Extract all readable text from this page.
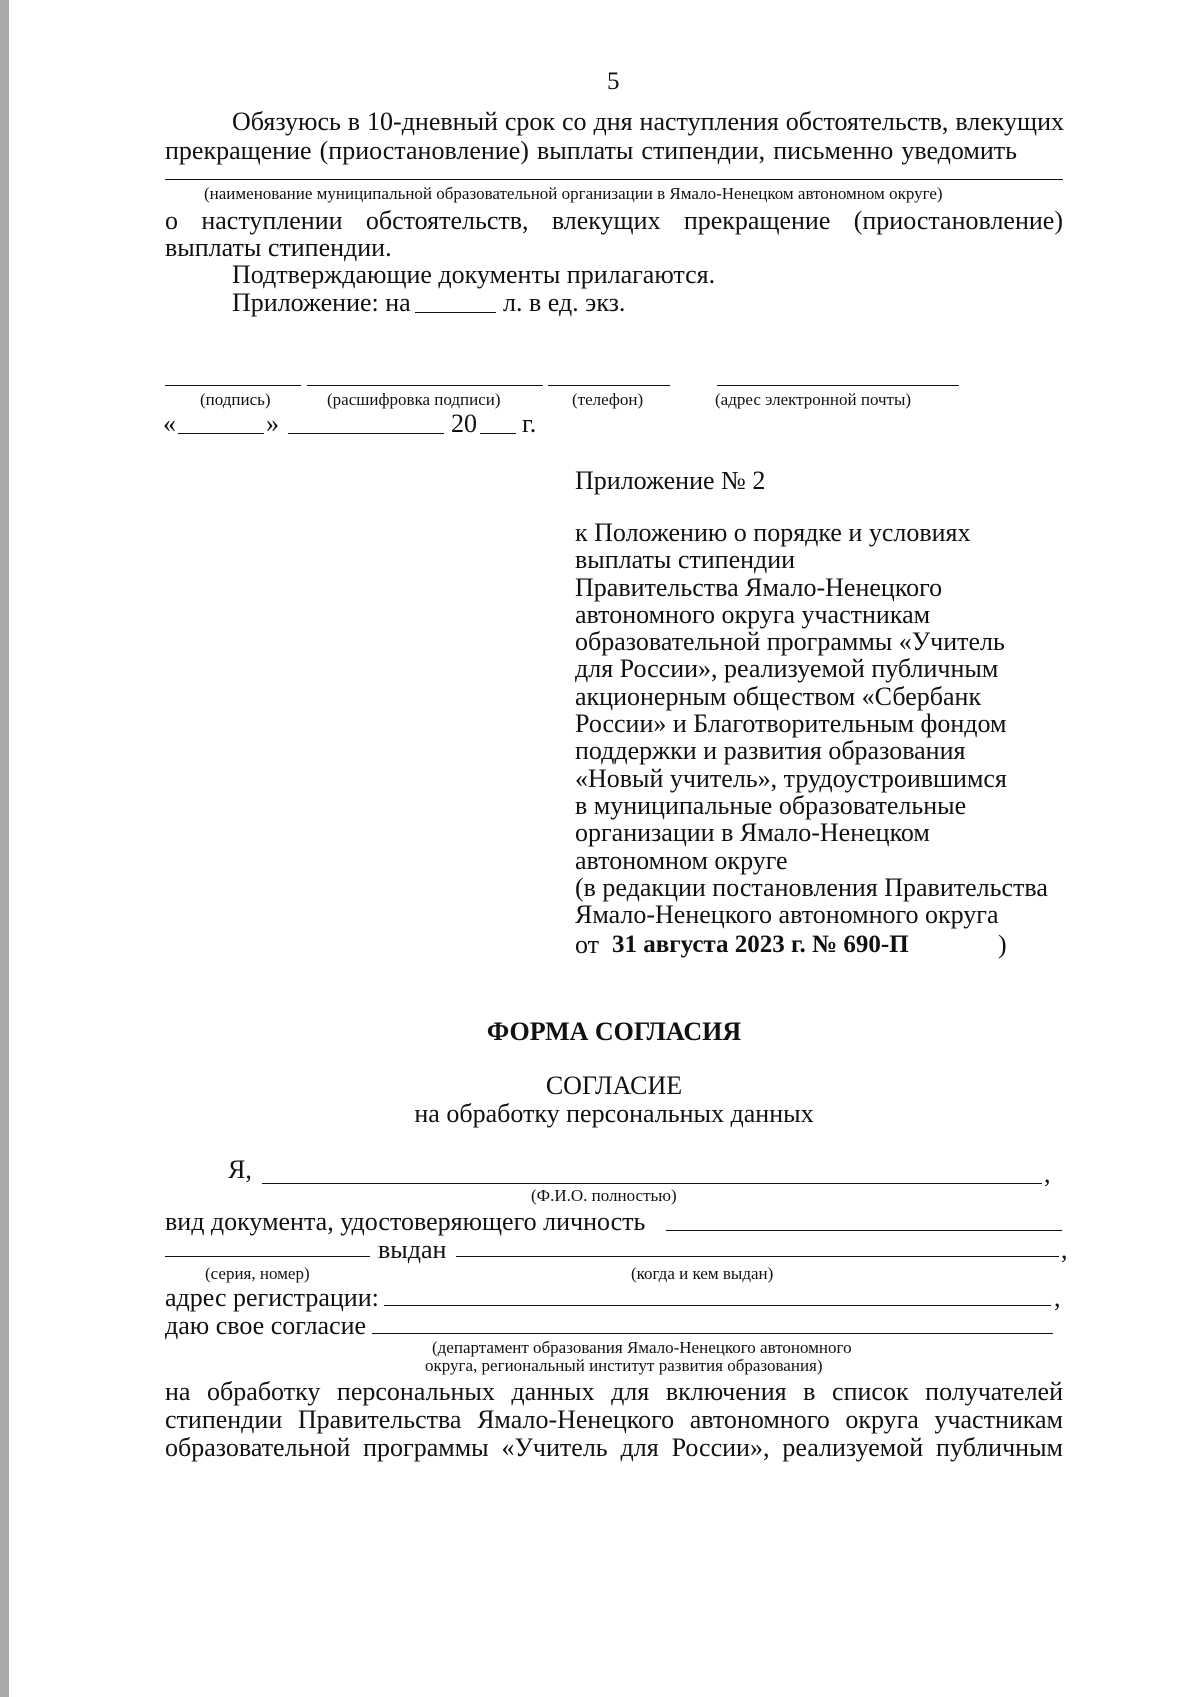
5
Обязуюсь в 10-дневный срок со дня наступления обстоятельств, влекущих
прекращение (приостановление) выплаты стипендии, письменно уведомить
(наименование муниципальной образовательной организации в Ямало-Ненецком автономном округе)
о наступлении обстоятельств, влекущих прекращение (приостановление)
выплаты стипендии.
Подтверждающие документы прилагаются.
Приложение: на	л. в ед. экз.
(подпись)	(расшифровка подписи)	(телефон)	(адрес электронной почты)
«	»	20 г.
Приложение № 2
к Положению о порядке и условиях
выплаты стипендии
Правительства Ямало-Ненецкого
автономного округа участникам
образовательной программы «Учитель
для России», реализуемой публичным
акционерным обществом «Сбербанк
России» и Благотворительным фондом
поддержки и развития образования
«Новый учитель», трудоустроившимся
в муниципальные образовательные
организации в Ямало-Ненецком
автономном округе
(в редакции постановления Правительства
Ямало-Ненецкого автономного округа
от 31 августа 2023 г. № 690-П	)
ФОРМА СОГЛАСИЯ
СОГЛАСИЕ
на обработку персональных данных
Я,	,
(Ф.И.О. полностью)
вид документа, удостоверяющего личность
выдан	,
(серия, номер)	(когда и кем выдан)
адрес регистрации:	,
даю свое согласие
(департамент образования Ямало-Ненецкого автономного
округа, региональный институт развития образования)
на обработку персональных данных для включения в список получателей
стипендии Правительства Ямало-Ненецкого автономного округа участникам
образовательной программы «Учитель для России», реализуемой публичным
